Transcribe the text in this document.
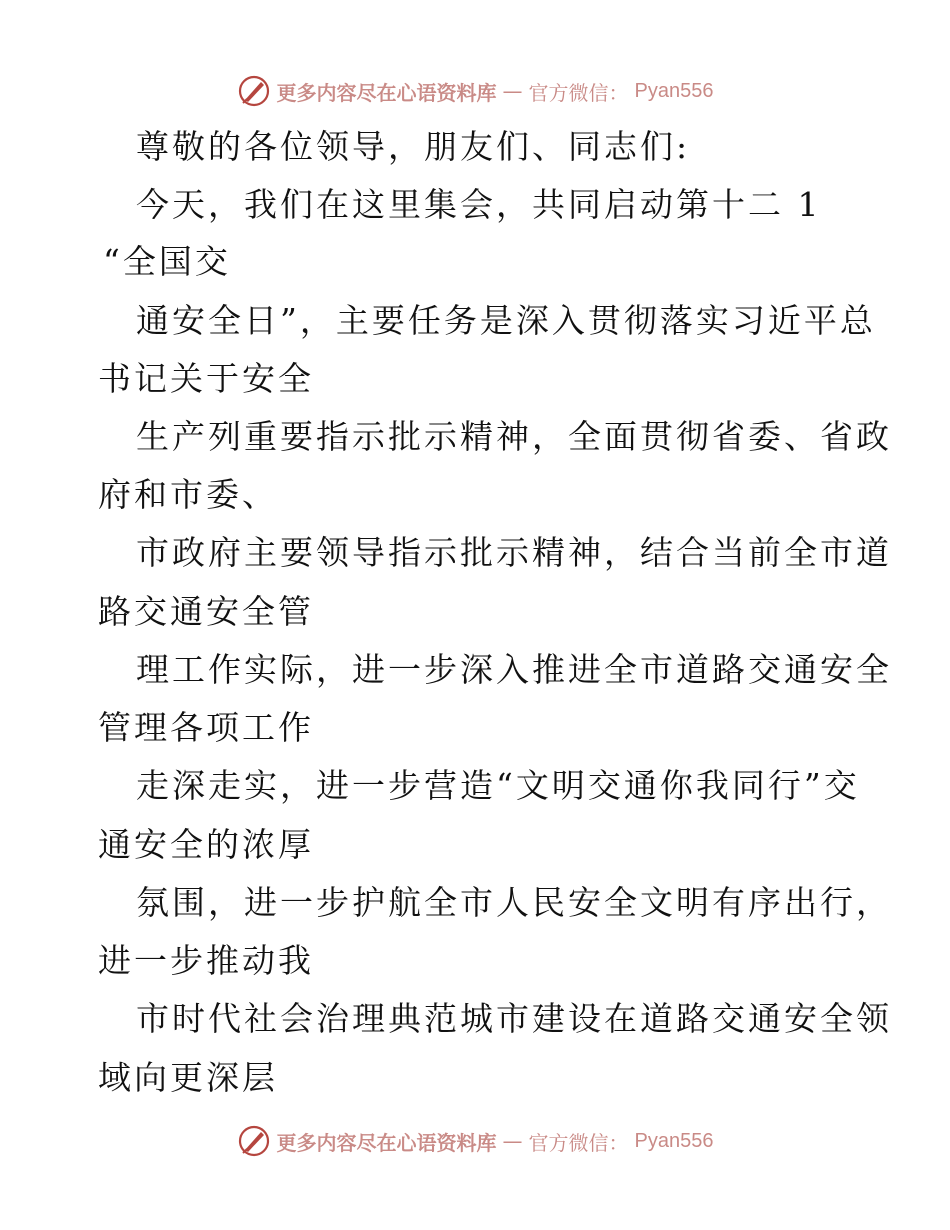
更多内容尽在心语资料库 — 官方微信： Pyan556
尊敬的各位领导，朋友们、同志们:
今天，我们在这里集会，共同启动第十二 1
“全国交
通安全日”，主要任务是深入贯彻落实习近平总
书记关于安全
生产列重要指示批示精神，全面贯彻省委、省政
府和市委、
市政府主要领导指示批示精神，结合当前全市道
路交通安全管
理工作实际，进一步深入推进全市道路交通安全
管理各项工作
走深走实，进一步营造“文明交通你我同行”交
通安全的浓厚
氛围，进一步护航全市人民安全文明有序出行，
进一步推动我
市时代社会治理典范城市建设在道路交通安全领
域向更深层
更多内容尽在心语资料库 — 官方微信： Pyan556
